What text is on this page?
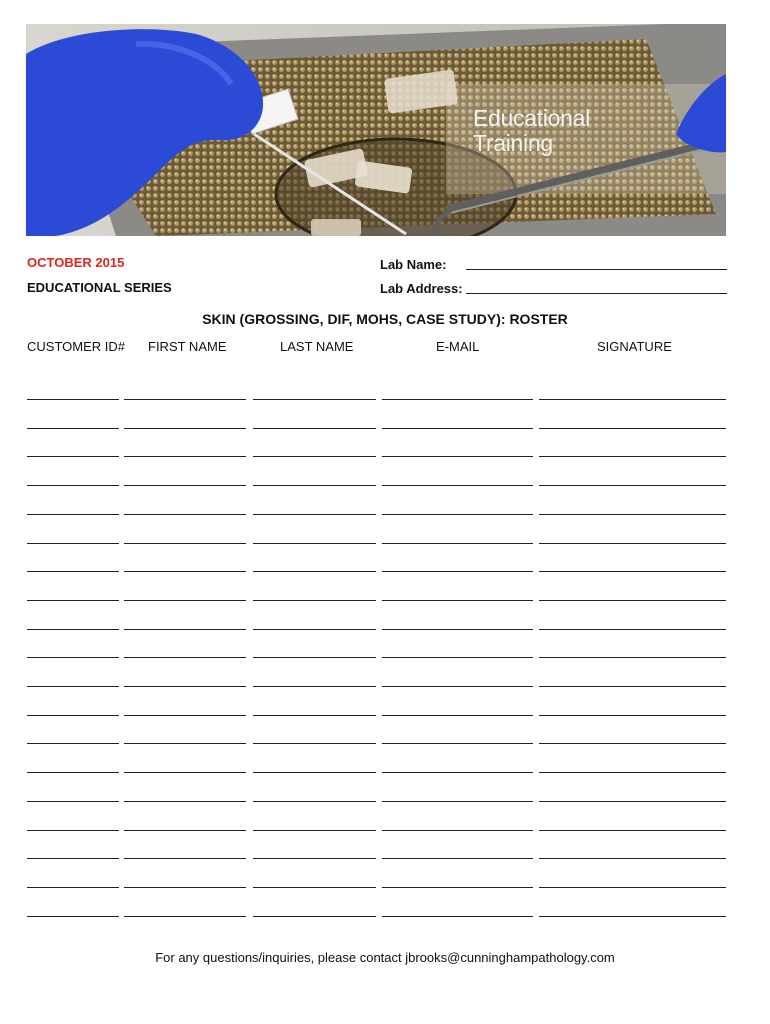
Educational
Training
OCTOBER 2015
EDUCATIONAL SERIES
Lab Name:
Lab Address:
SKIN (GROSSING, DIF, MOHS, CASE STUDY): ROSTER
CUSTOMER ID# FIRST NAME	LAST NAME	E-MAIL	SIGNATURE
For any questions/inquiries, please contact jbrooks@cunninghampathology.com
